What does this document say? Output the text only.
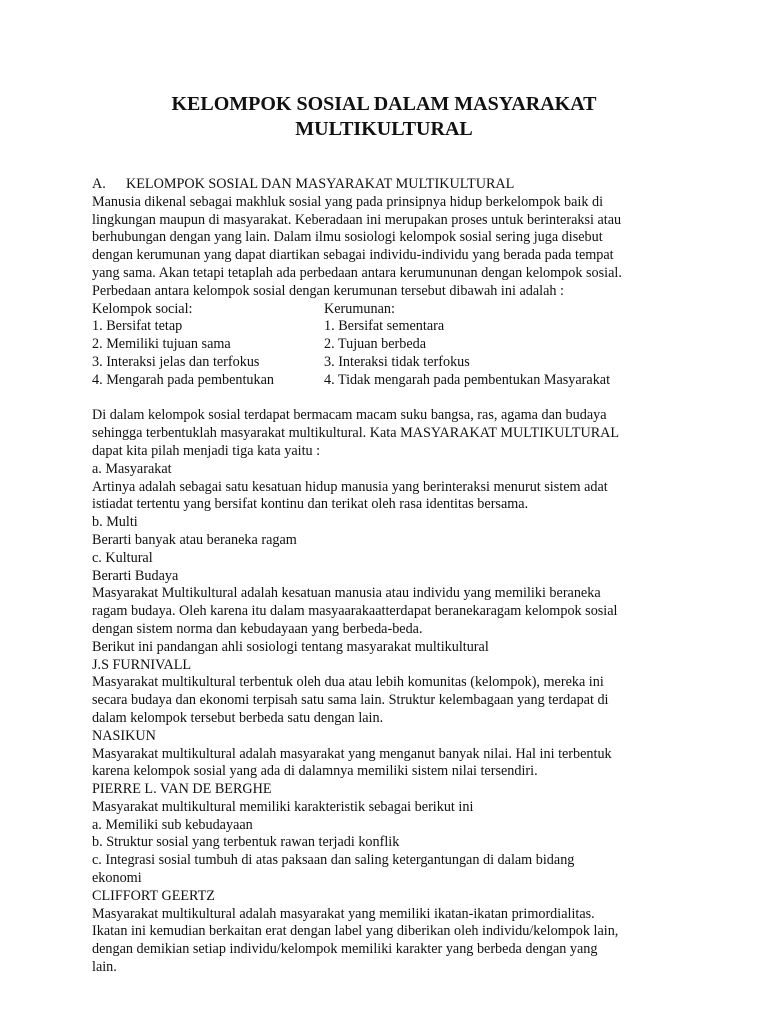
KELOMPOK SOSIAL DALAM MASYARAKAT
MULTIKULTURAL
A. KELOMPOK SOSIAL DAN MASYARAKAT MULTIKULTURAL
Manusia dikenal sebagai makhluk sosial yang pada prinsipnya hidup berkelompok baik di
lingkungan maupun di masyarakat. Keberadaan ini merupakan proses untuk berinteraksi atau
berhubungan dengan yang lain. Dalam ilmu sosiologi kelompok sosial sering juga disebut
dengan kerumunan yang dapat diartikan sebagai individu-individu yang berada pada tempat
yang sama. Akan tetapi tetaplah ada perbedaan antara kerumununan dengan kelompok sosial.
Perbedaan antara kelompok sosial dengan kerumunan tersebut dibawah ini adalah :
Kelompok social:	Kerumunan:
1. Bersifat tetap	1. Bersifat sementara
2. Memiliki tujuan sama	2. Tujuan berbeda
3. Interaksi jelas dan terfokus	3. Interaksi tidak terfokus
4. Mengarah pada pembentukan	4. Tidak mengarah pada pembentukan Masyarakat
Di dalam kelompok sosial terdapat bermacam macam suku bangsa, ras, agama dan budaya
sehingga terbentuklah masyarakat multikultural. Kata MASYARAKAT MULTIKULTURAL
dapat kita pilah menjadi tiga kata yaitu :
a. Masyarakat
Artinya adalah sebagai satu kesatuan hidup manusia yang berinteraksi menurut sistem adat
istiadat tertentu yang bersifat kontinu dan terikat oleh rasa identitas bersama.
b. Multi
Berarti banyak atau beraneka ragam
c. Kultural
Berarti Budaya
Masyarakat Multikultural adalah kesatuan manusia atau individu yang memiliki beraneka
ragam budaya. Oleh karena itu dalam masyaarakaatterdapat beranekaragam kelompok sosial
dengan sistem norma dan kebudayaan yang berbeda-beda.
Berikut ini pandangan ahli sosiologi tentang masyarakat multikultural
J.S FURNIVALL
Masyarakat multikultural terbentuk oleh dua atau lebih komunitas (kelompok), mereka ini
secara budaya dan ekonomi terpisah satu sama lain. Struktur kelembagaan yang terdapat di
dalam kelompok tersebut berbeda satu dengan lain.
NASIKUN
Masyarakat multikultural adalah masyarakat yang menganut banyak nilai. Hal ini terbentuk
karena kelompok sosial yang ada di dalamnya memiliki sistem nilai tersendiri.
PIERRE L. VAN DE BERGHE
Masyarakat multikultural memiliki karakteristik sebagai berikut ini
a. Memiliki sub kebudayaan
b. Struktur sosial yang terbentuk rawan terjadi konflik
c. Integrasi sosial tumbuh di atas paksaan dan saling ketergantungan di dalam bidang
ekonomi
CLIFFORT GEERTZ
Masyarakat multikultural adalah masyarakat yang memiliki ikatan-ikatan primordialitas.
Ikatan ini kemudian berkaitan erat dengan label yang diberikan oleh individu/kelompok lain,
dengan demikian setiap individu/kelompok memiliki karakter yang berbeda dengan yang
lain.
